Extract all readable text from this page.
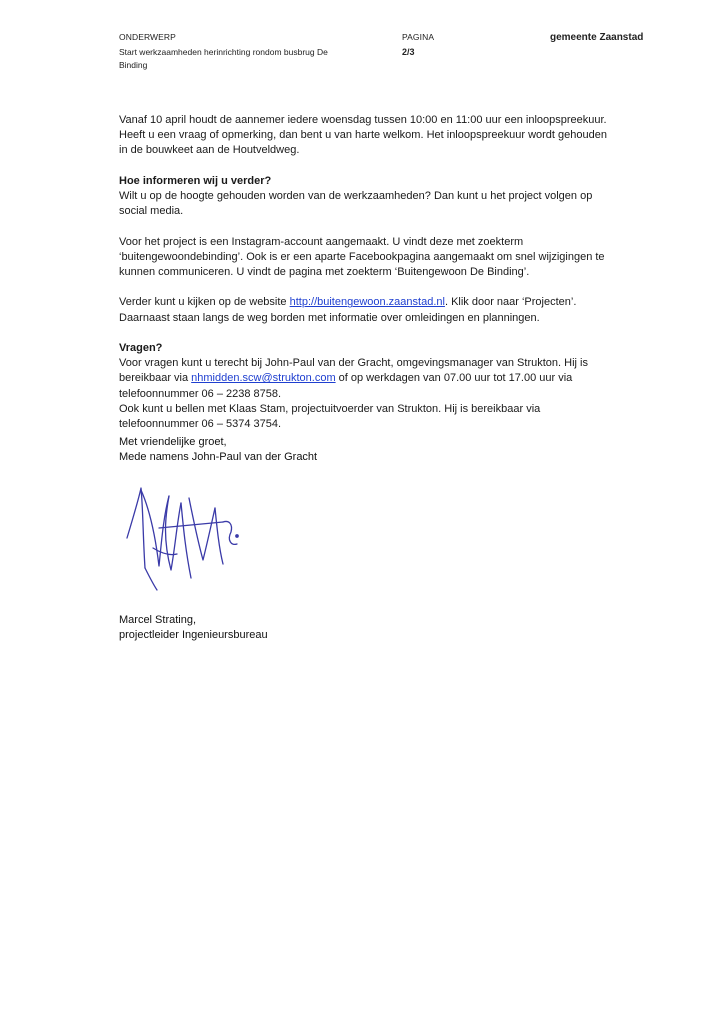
ONDERWERP
Start werkzaamheden herinrichting rondom busbrug De
Binding
PAGINA
2/3
gemeente Zaanstad

Vanaf 10 april houdt de aannemer iedere woensdag tussen 10:00 en 11:00 uur een inloopspreekuur.
Heeft u een vraag of opmerking, dan bent u van harte welkom. Het inloopspreekuur wordt gehouden
in de bouwkeet aan de Houtveldweg.

Hoe informeren wij u verder?

Wilt u op de hoogte gehouden worden van de werkzaamheden? Dan kunt u het project volgen op
social media.

Voor het project is een Instagram-account aangemaakt. U vindt deze met zoekterm
‘buitengewoondebinding’. Ook is er een aparte Facebookpagina aangemaakt om snel wijzigingen te
kunnen communiceren. U vindt de pagina met zoekterm ‘Buitengewoon De Binding’.

Verder kunt u kijken op de website http://buitengewoon.zaanstad.nl. Klik door naar ‘Projecten’.
Daarnaast staan langs de weg borden met informatie over omleidingen en planningen.

Vragen?

Voor vragen kunt u terecht bij John-Paul van der Gracht, omgevingsmanager van Strukton. Hij is
bereikbaar via nhmidden.scw@strukton.com of op werkdagen van 07.00 uur tot 17.00 uur via
telefoonnummer 06 – 2238 8758.
Ook kunt u bellen met Klaas Stam, projectuitvoerder van Strukton. Hij is bereikbaar via
telefoonnummer 06 – 5374 3754.

Met vriendelijke groet,
Mede namens John-Paul van der Gracht
Marcel Strating,
projectleider Ingenieursbureau
